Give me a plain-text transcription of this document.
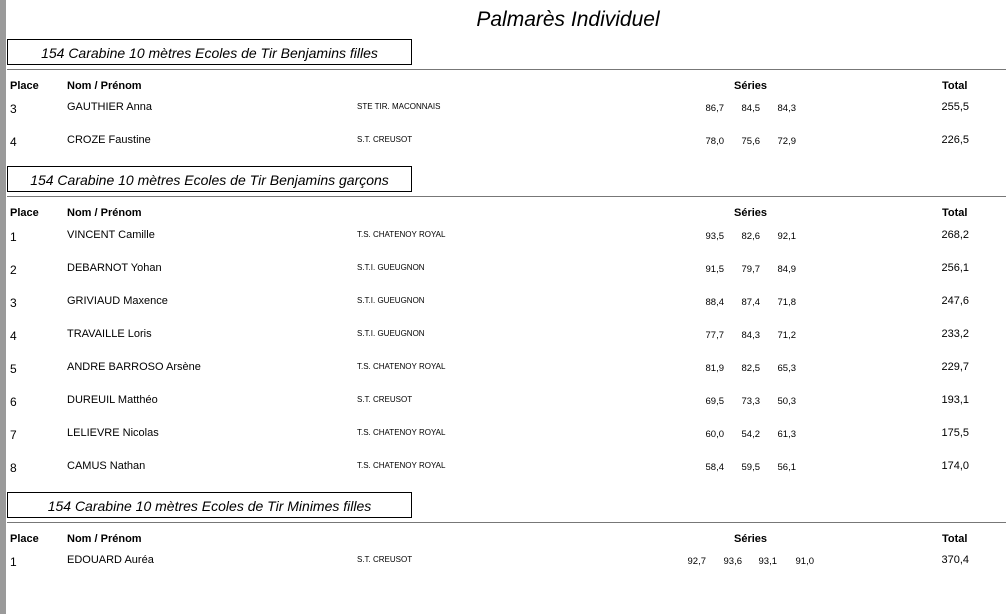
Palmarès Individuel
154 Carabine 10 mètres Ecoles de Tir Benjamins filles
Place	Nom / Prénom	Séries	Total
3	GAUTHIER Anna	STE TIR. MACONNAIS	86,7	84,5	84,3	255,5
4	CROZE Faustine	S.T. CREUSOT	78,0	75,6	72,9	226,5
154 Carabine 10 mètres Ecoles de Tir Benjamins garçons
Place	Nom / Prénom	Séries	Total
1	VINCENT Camille	T.S. CHATENOY ROYAL	93,5	82,6	92,1	268,2
2	DEBARNOT Yohan	S.T.I. GUEUGNON	91,5	79,7	84,9	256,1
3	GRIVIAUD Maxence	S.T.I. GUEUGNON	88,4	87,4	71,8	247,6
4	TRAVAILLE Loris	S.T.I. GUEUGNON	77,7	84,3	71,2	233,2
5	ANDRE BARROSO Arsène	T.S. CHATENOY ROYAL	81,9	82,5	65,3	229,7
6	DUREUIL Matthéo	S.T. CREUSOT	69,5	73,3	50,3	193,1
7	LELIEVRE Nicolas	T.S. CHATENOY ROYAL	60,0	54,2	61,3	175,5
8	CAMUS Nathan	T.S. CHATENOY ROYAL	58,4	59,5	56,1	174,0
154 Carabine 10 mètres Ecoles de Tir Minimes filles
Place	Nom / Prénom	Séries	Total
1	EDOUARD Auréa	S.T. CREUSOT	92,7	93,6	93,1	91,0	370,4
